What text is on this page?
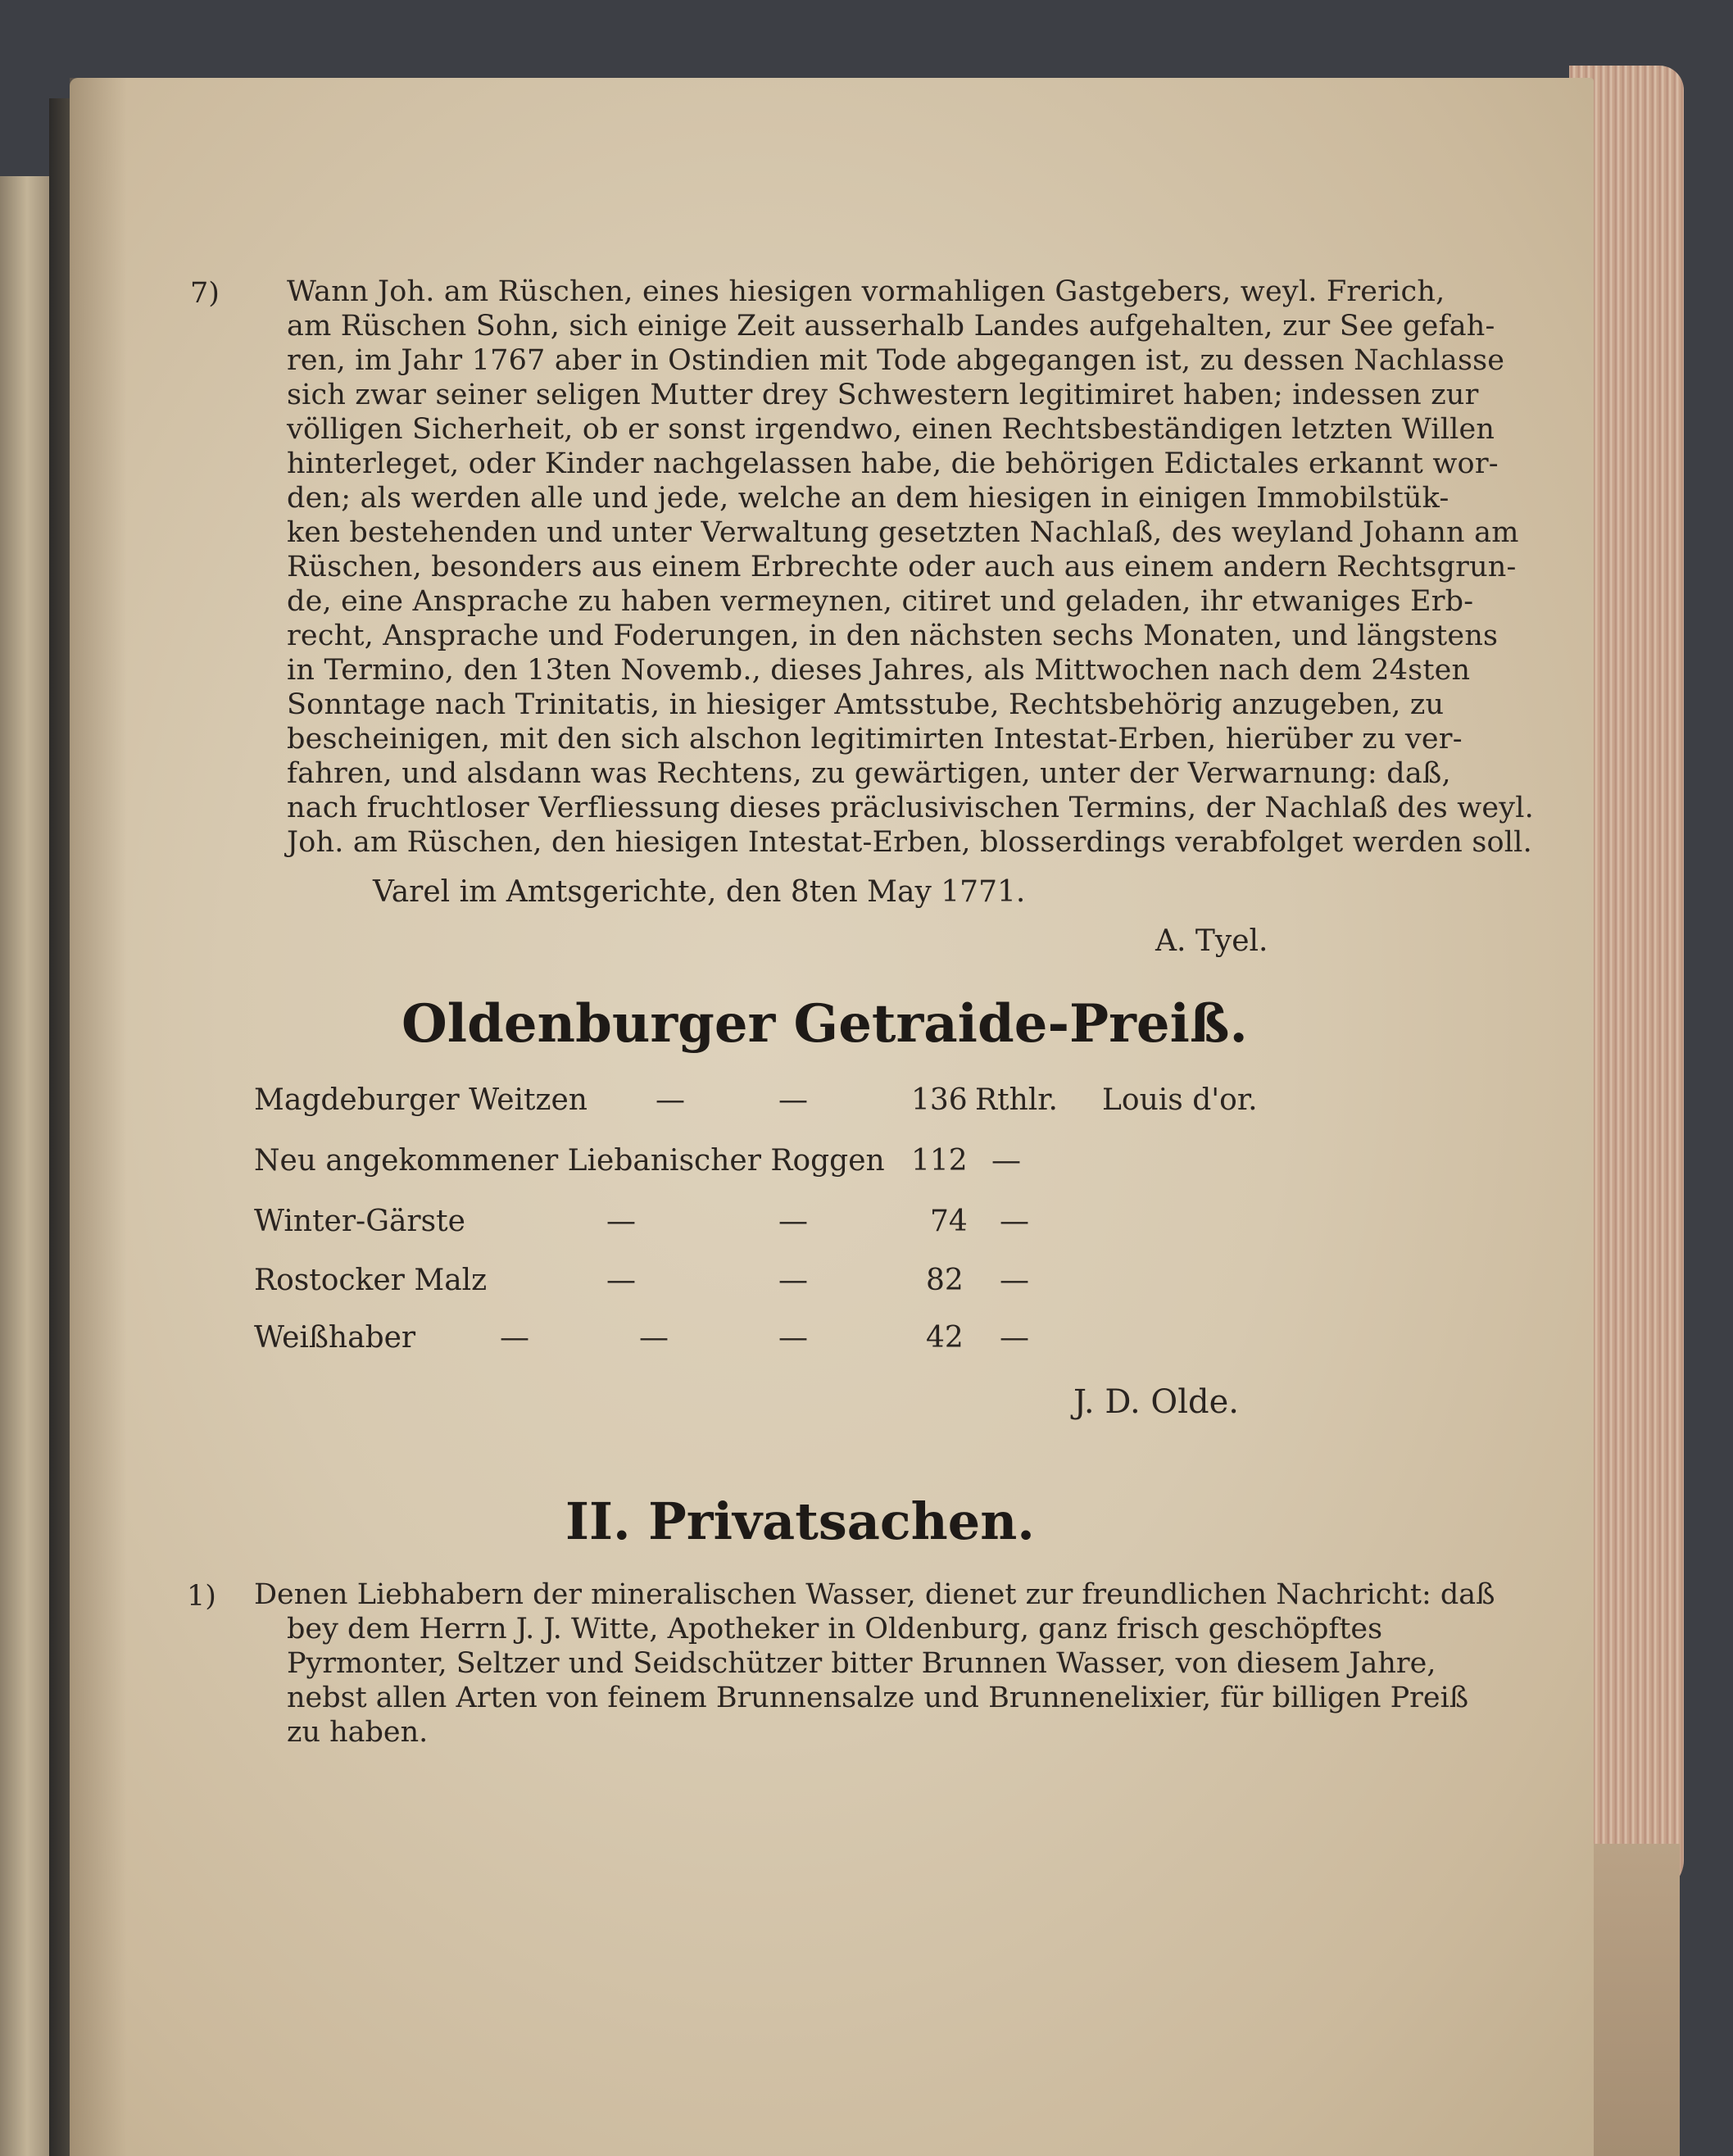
7) Wann Joh. am Rüschen, eines hiesigen vormahligen Gastgebers, weyl. Frerich,
am Rüschen Sohn, sich einige Zeit ausserhalb Landes aufgehalten, zur See gefah-
ren, im Jahr 1767 aber in Ostindien mit Tode abgegangen ist, zu dessen Nachlasse
sich zwar seiner seligen Mutter drey Schwestern legitimiret haben; indessen zur
völligen Sicherheit, ob er sonst irgendwo, einen Rechtsbeständigen letzten Willen
hinterleget, oder Kinder nachgelassen habe, die behörigen Edictales erkannt wor-
den; als werden alle und jede, welche an dem hiesigen in einigen Immobilstük-
ken bestehenden und unter Verwaltung gesetzten Nachlaß, des weyland Johann am
Rüschen, besonders aus einem Erbrechte oder auch aus einem andern Rechtsgrun-
de, eine Ansprache zu haben vermeynen, citiret und geladen, ihr etwaniges Erb-
recht, Ansprache und Foderungen, in den nächsten sechs Monaten, und längstens
in Termino, den 13ten Novemb., dieses Jahres, als Mittwochen nach dem 24sten
Sonntage nach Trinitatis, in hiesiger Amtsstube, Rechtsbehörig anzugeben, zu
bescheinigen, mit den sich alschon legitimirten Intestat-Erben, hierüber zu ver-
fahren, und alsdann was Rechtens, zu gewärtigen, unter der Verwarnung: daß,
nach fruchtloser Verfliessung dieses präclusivischen Termins, der Nachlaß des weyl.
Joh. am Rüschen, den hiesigen Intestat-Erben, blosserdings verabfolget werden soll.
Varel im Amtsgerichte, den 8ten May 1771.
A. Tyel.
Oldenburger Getraide-Preiß.
Magdeburger Weitzen —	—	136 Rthlr. Louis d'or.
Neu angekommener Liebanischer Roggen 112 —
Winter-Gärste	—	—	74 —
Rostocker Malz	—	—	82 —
Weißhaber	—	—	—	42 —
J. D. Olde.
II. Privatsachen.
1) Denen Liebhabern der mineralischen Wasser, dienet zur freundlichen Nachricht: daß
bey dem Herrn J. J. Witte, Apotheker in Oldenburg, ganz frisch geschöpftes
Pyrmonter, Seltzer und Seidschützer bitter Brunnen Wasser, von diesem Jahre,
nebst allen Arten von feinem Brunnensalze und Brunnenelixier, für billigen Preiß
zu haben.
